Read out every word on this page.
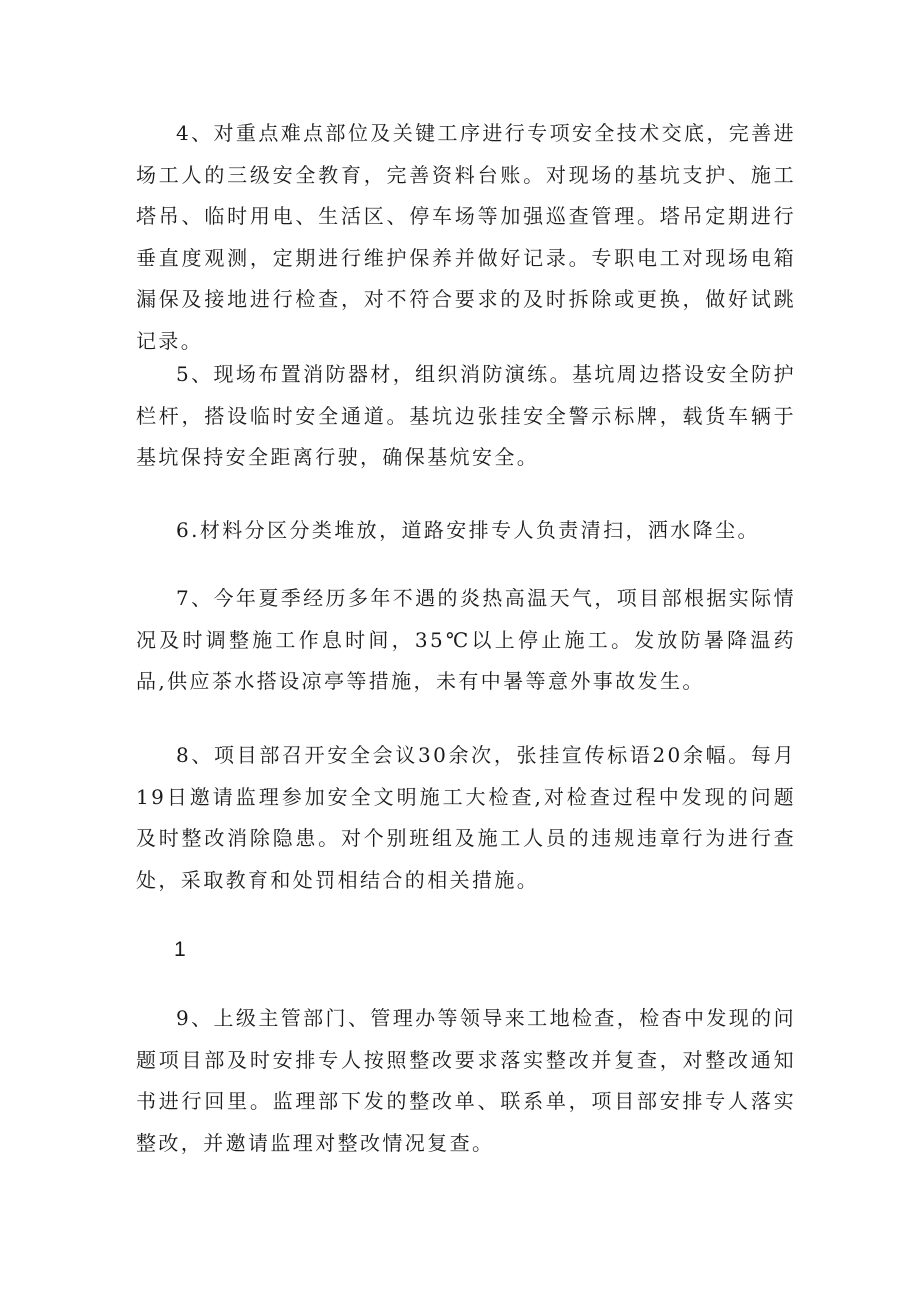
4、对重点难点部位及关键工序进行专项安全技术交底，完善进场工人的三级安全教育，完善资料台账。对现场的基坑支护、施工塔吊、临时用电、生活区、停车场等加强巡查管理。塔吊定期进行垂直度观测，定期进行维护保养并做好记录。专职电工对现场电箱漏保及接地进行检查，对不符合要求的及时拆除或更换，做好试跳记录。

5、现场布置消防器材，组织消防演练。基坑周边搭设安全防护栏杆，搭设临时安全通道。基坑边张挂安全警示标牌，载货车辆于基坑保持安全距离行驶，确保基炕安全。

6.材料分区分类堆放，道路安排专人负责清扫，洒水降尘。

7、今年夏季经历多年不遇的炎热高温天气，项目部根据实际情况及时调整施工作息时间，35℃以上停止施工。发放防暑降温药品,供应茶水搭设凉亭等措施，未有中暑等意外事故发生。

8、项目部召开安全会议30余次，张挂宣传标语20余幅。每月19日邀请监理参加安全文明施工大检查,对检查过程中发现的问题及时整改消除隐患。对个别班组及施工人员的违规违章行为进行查处，采取教育和处罚相结合的相关措施。

1

9、上级主管部门、管理办等领导来工地检查，检杳中发现的问题项目部及时安排专人按照整改要求落实整改并复查，对整改通知书进行回里。监理部下发的整改单、联系单，项目部安排专人落实整改，并邀请监理对整改情况复查。
